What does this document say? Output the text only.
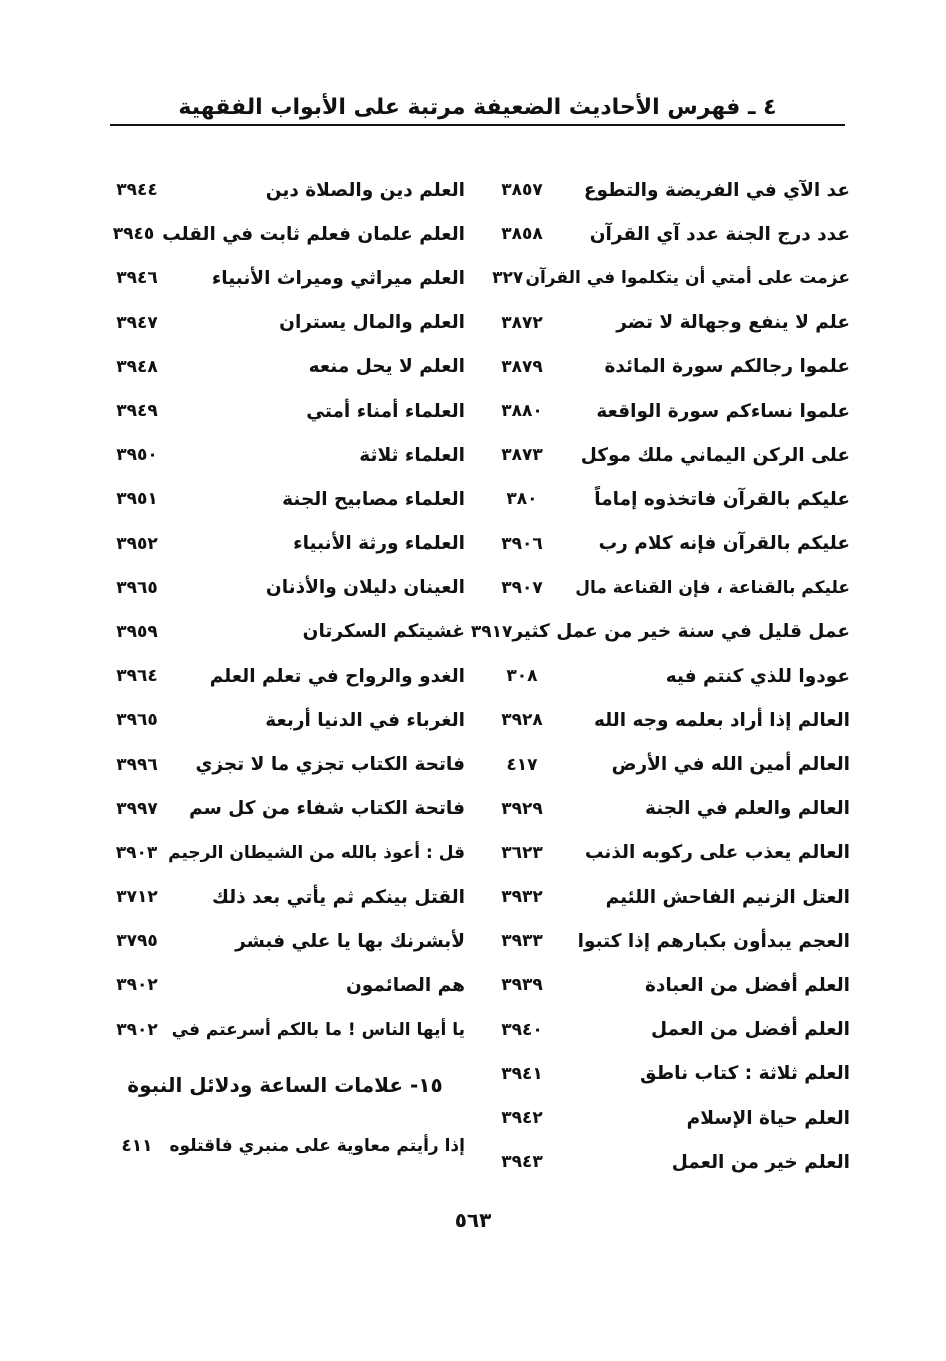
٤ ـ فهرس الأحاديث الضعيفة مرتبة على الأبواب الفقهية
عد الآي في الفريضة والتطوع
٣٨٥٧
عدد درج الجنة عدد آي القرآن
٣٨٥٨
عزمت على أمتي أن يتكلموا في القرآن
٣٢٧
علم لا ينفع وجهالة لا تضر
٣٨٧٢
علموا رجالكم سورة المائدة
٣٨٧٩
علموا نساءكم سورة الواقعة
٣٨٨٠
على الركن اليماني ملك موكل
٣٨٧٣
عليكم بالقرآن فاتخذوه إماماً
٣٨٠
عليكم بالقرآن فإنه كلام رب
٣٩٠٦
عليكم بالقناعة ، فإن القناعة مال
٣٩٠٧
عمل قليل في سنة خير من عمل كثير
٣٩١٧
عودوا للذي كنتم فيه
٣٠٨
العالم إذا أراد بعلمه وجه الله
٣٩٢٨
العالم أمين الله في الأرض
٤١٧
العالم والعلم في الجنة
٣٩٢٩
العالم يعذب على ركوبه الذنب
٣٦٢٣
العتل الزنيم الفاحش اللئيم
٣٩٣٢
العجم يبدأون بكبارهم إذا كتبوا
٣٩٣٣
العلم أفضل من العبادة
٣٩٣٩
العلم أفضل من العمل
٣٩٤٠
العلم ثلاثة : كتاب ناطق
٣٩٤١
العلم حياة الإسلام
٣٩٤٢
العلم خير من العمل
٣٩٤٣
العلم دين والصلاة دين
٣٩٤٤
العلم علمان فعلم ثابت في القلب
٣٩٤٥
العلم ميراثي وميراث الأنبياء
٣٩٤٦
العلم والمال يستران
٣٩٤٧
العلم لا يحل منعه
٣٩٤٨
العلماء أمناء أمتي
٣٩٤٩
العلماء ثلاثة
٣٩٥٠
العلماء مصابيح الجنة
٣٩٥١
العلماء ورثة الأنبياء
٣٩٥٢
العينان دليلان والأذنان
٣٩٦٥
غشيتكم السكرتان
٣٩٥٩
الغدو والرواح في تعلم العلم
٣٩٦٤
الغرباء في الدنيا أربعة
٣٩٦٥
فاتحة الكتاب تجزي ما لا تجزي
٣٩٩٦
فاتحة الكتاب شفاء من كل سم
٣٩٩٧
قل : أعوذ بالله من الشيطان الرجيم
٣٩٠٣
القتل بينكم ثم يأتي بعد ذلك
٣٧١٢
لأبشرنك بها يا علي فبشر
٣٧٩٥
هم الصائمون
٣٩٠٢
يا أيها الناس ! ما بالكم أسرعتم في
٣٩٠٢
١٥- علامات الساعة ودلائل النبوة
إذا رأيتم معاوية على منبري فاقتلوه
٤١١
٥٦٣
